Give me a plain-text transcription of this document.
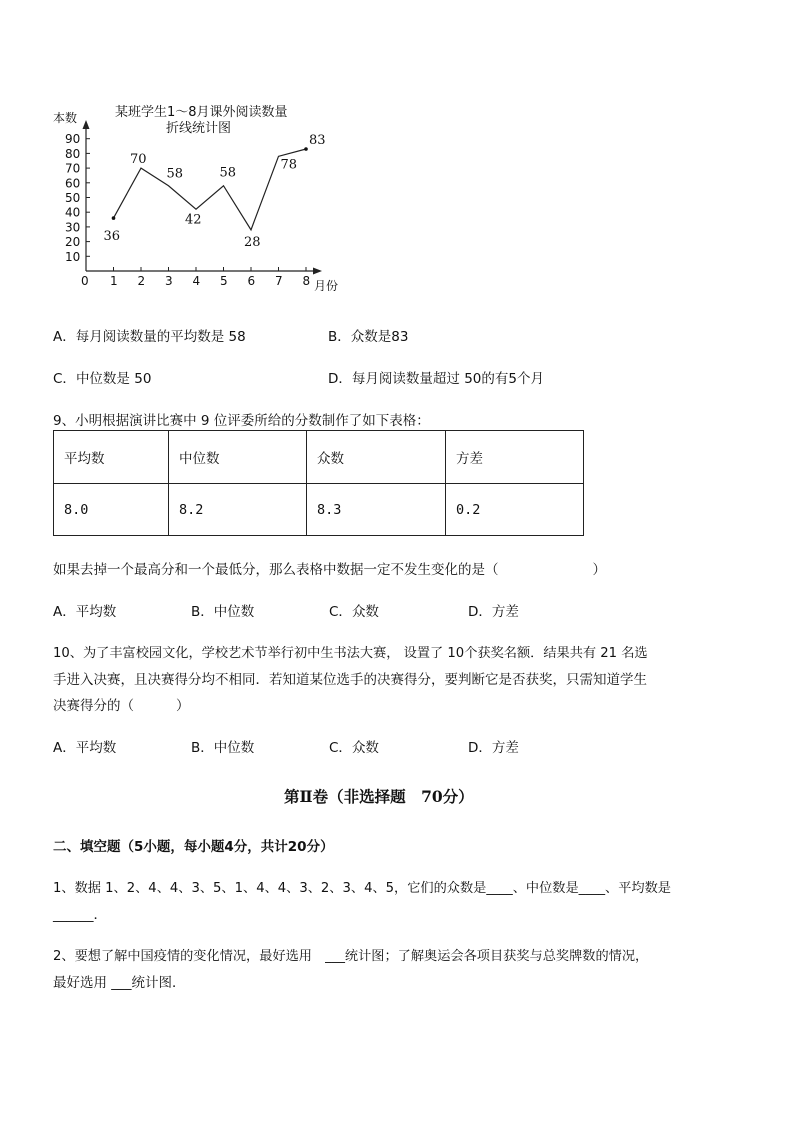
10
20
30
40
50
60
70
80
90
1 2 3 4 5 6 7 8
36
70
58
42
58
28
78
83
某班学生1～8月课外阅读数量
折线统计图
本数
月份
0
A．每月阅读数量的平均数是 58	B．众数是83
C．中位数是 50	D．每月阅读数量超过 50的有5个月
9、小明根据演讲比赛中 9 位评委所给的分数制作了如下表格：
平均数	中位数	众数	方差
8.0	8.2	8.3	0.2
如果去掉一个最高分和一个最低分，那么表格中数据一定不发生变化的是（	）
A．平均数	B．中位数	C．众数	D．方差
10、为了丰富校园文化，学校艺术节举行初中生书法大赛， 设置了 10个获奖名额．结果共有 21 名选
手进入决赛，且决赛得分均不相同．若知道某位选手的决赛得分，要判断它是否获奖，只需知道学生
决赛得分的（	）
A．平均数	B．中位数	C．众数	D．方差
第Ⅱ卷（非选择题　70分）
二、填空题（5小题，每小题4分，共计20分）
1、数据 1、2、4、4、3、5、1、4、4、3、2、3、4、5，它们的众数是____、中位数是____、平均数是
______．
2、要想了解中国疫情的变化情况，最好选用　___统计图；了解奥运会各项目获奖与总奖牌数的情况，
最好选用 ___统计图．
